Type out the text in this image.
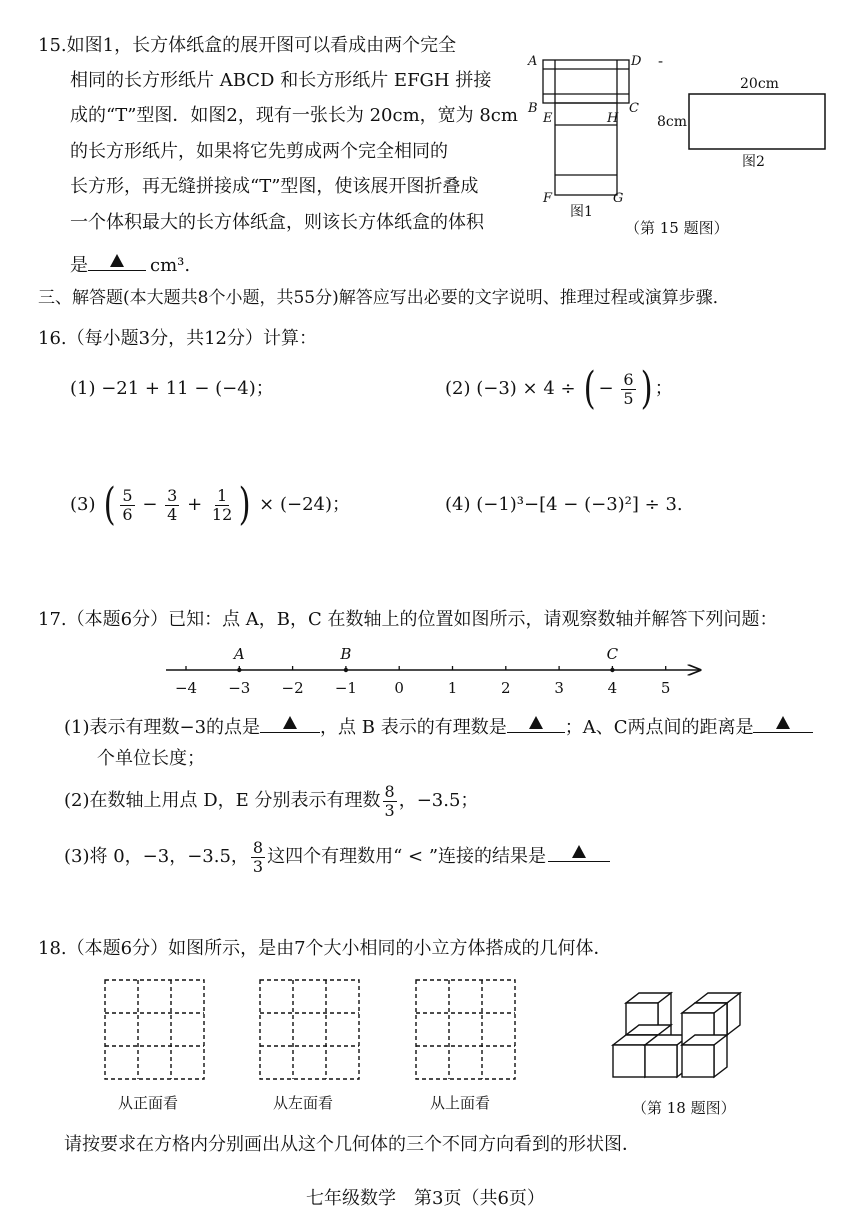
15.如图1，长方体纸盒的展开图可以看成由两个完全
相同的长方形纸片 ABCD 和长方形纸片 EFGH 拼接
成的“T”型图．如图2，现有一张长为 20cm，宽为 8cm
的长方形纸片，如果将它先剪成两个完全相同的
长方形，再无缝拼接成“T”型图，使该展开图折叠成
一个体积最大的长方体纸盒，则该长方体纸盒的体积
是	cm³.
A	D
B	C
E	H
F	G
图1
-
20cm
8cm
图2
（第 15 题图）
三、解答题(本大题共8个小题，共55分)解答应写出必要的文字说明、推理过程或演算步骤．
16.（每小题3分，共12分）计算：
(1) −21 + 11 − (−4)；	(2) (−3) × 4 ÷ ( − $\frac{6}{5}$ ) ；
(3) ( $\frac{5}{6} - \frac{3}{4} + \frac{1}{12}$ ) × (−24)；	(4) (−1)³−[4 − (−3)²] ÷ 3.
17.（本题6分）已知：点 A，B，C 在数轴上的位置如图所示，请观察数轴并解答下列问题：
−4 −3 −2 −1 0	1	2	3	4	5
A	B	C
(1)表示有理数−3的点是	，点 B 表示的有理数是	；A、C两点间的距离是
个单位长度；
(2)在数轴上用点 D，E 分别表示有理数 $\frac{8}{3}$ ，−3.5；
(3)将 0，−3，−3.5， $\frac{8}{3}$ 这四个有理数用“ < ”连接的结果是
18.（本题6分）如图所示，是由7个大小相同的小立方体搭成的几何体．
从正面看	从左面看	从上面看	（第 18 题图）
请按要求在方格内分别画出从这个几何体的三个不同方向看到的形状图．
七年级数学　第3页（共6页）
